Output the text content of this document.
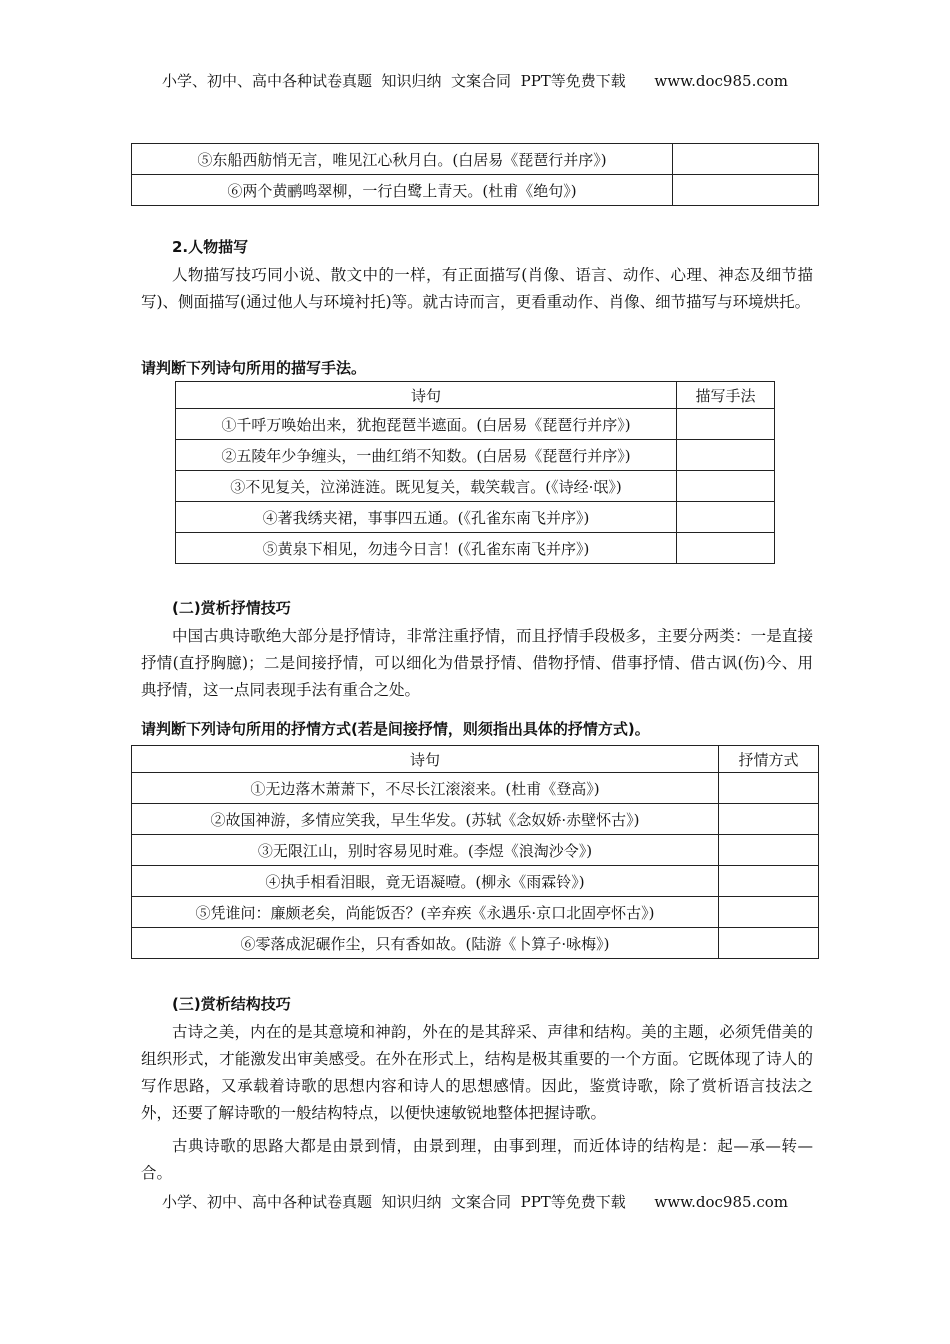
小学、初中、高中各种试卷真题  知识归纳  文案合同  PPT等免费下载      www.doc985.com
⑤东船西舫悄无言，唯见江心秋月白。(白居易《琵琶行并序》)	
⑥两个黄鹂鸣翠柳，一行白鹭上青天。(杜甫《绝句》)	
2.人物描写
人物描写技巧同小说、散文中的一样，有正面描写(肖像、语言、动作、心理、神态及细节描写)、侧面描写(通过他人与环境衬托)等。就古诗而言，更看重动作、肖像、细节描写与环境烘托。
请判断下列诗句所用的描写手法。
诗句	描写手法
①千呼万唤始出来，犹抱琵琶半遮面。(白居易《琵琶行并序》)	
②五陵年少争缠头，一曲红绡不知数。(白居易《琵琶行并序》)	
③不见复关，泣涕涟涟。既见复关，载笑载言。(《诗经·氓》)	
④著我绣夹裙，事事四五通。(《孔雀东南飞并序》)	
⑤黄泉下相见，勿违今日言！(《孔雀东南飞并序》)	
(二)赏析抒情技巧
中国古典诗歌绝大部分是抒情诗，非常注重抒情，而且抒情手段极多，主要分两类：一是直接抒情(直抒胸臆)；二是间接抒情，可以细化为借景抒情、借物抒情、借事抒情、借古讽(伤)今、用典抒情，这一点同表现手法有重合之处。
请判断下列诗句所用的抒情方式(若是间接抒情，则须指出具体的抒情方式)。
诗句	抒情方式
①无边落木萧萧下，不尽长江滚滚来。(杜甫《登高》)	
②故国神游，多情应笑我，早生华发。(苏轼《念奴娇·赤壁怀古》)	
③无限江山，别时容易见时难。(李煜《浪淘沙令》)	
④执手相看泪眼，竟无语凝噎。(柳永《雨霖铃》)	
⑤凭谁问：廉颇老矣，尚能饭否？(辛弃疾《永遇乐·京口北固亭怀古》)	
⑥零落成泥碾作尘，只有香如故。(陆游《卜算子·咏梅》)	
(三)赏析结构技巧
古诗之美，内在的是其意境和神韵，外在的是其辞采、声律和结构。美的主题，必须凭借美的组织形式，才能激发出审美感受。在外在形式上，结构是极其重要的一个方面。它既体现了诗人的写作思路，又承载着诗歌的思想内容和诗人的思想感情。因此，鉴赏诗歌，除了赏析语言技法之外，还要了解诗歌的一般结构特点，以便快速敏锐地整体把握诗歌。
古典诗歌的思路大都是由景到情，由景到理，由事到理，而近体诗的结构是：起—承—转—合。
小学、初中、高中各种试卷真题  知识归纳  文案合同  PPT等免费下载      www.doc985.com
